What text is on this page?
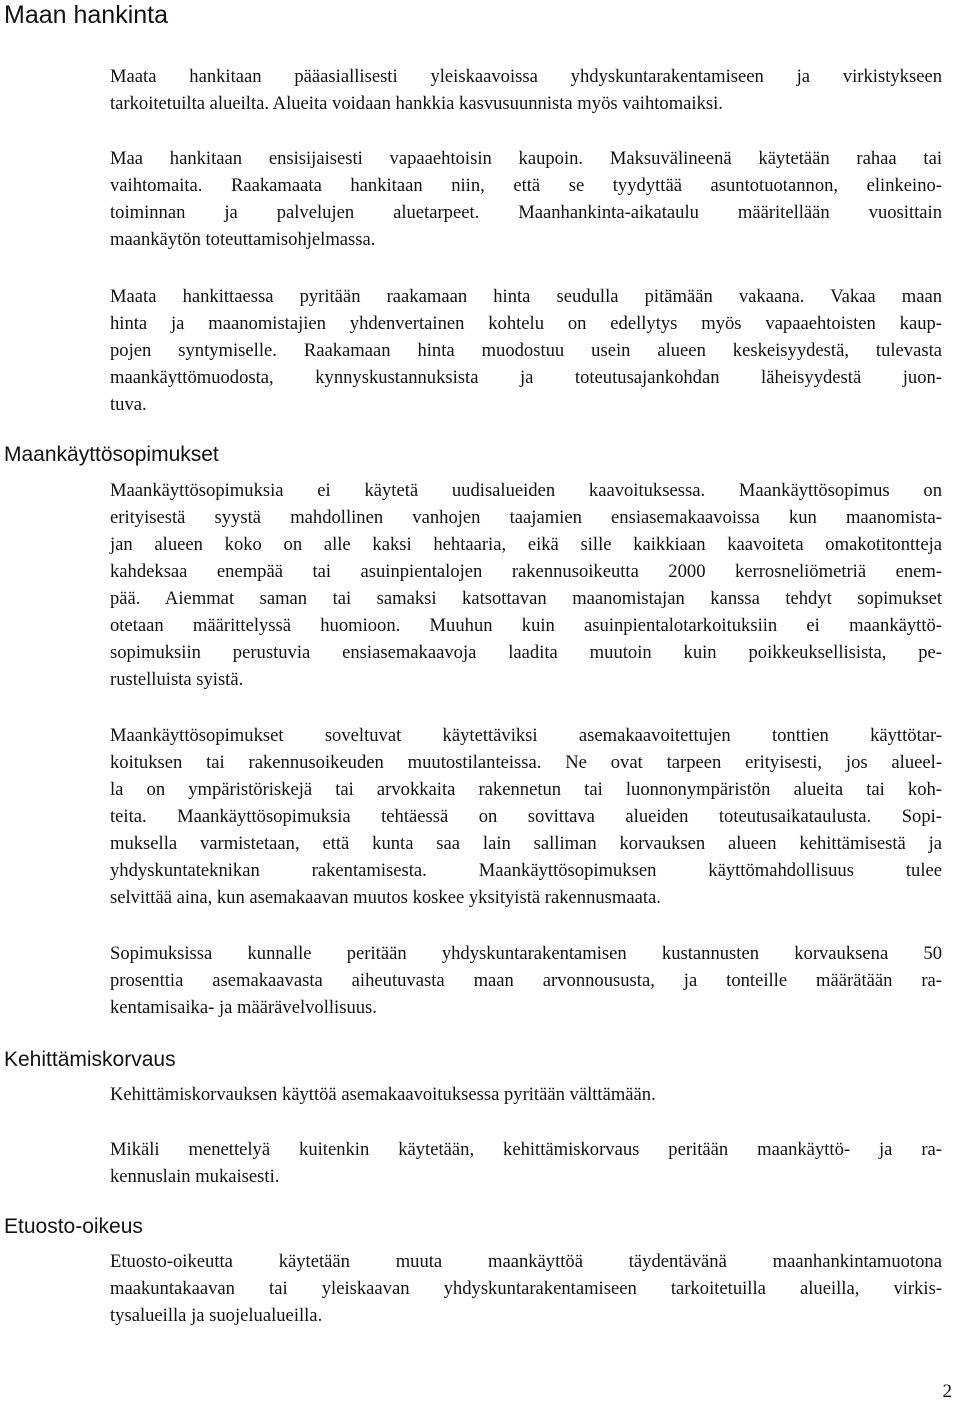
Maan hankinta

Maata hankitaan pääasiallisesti yleiskaavoissa yhdyskuntarakentamiseen ja virkistykseen
tarkoitetuilta alueilta. Alueita voidaan hankkia kasvusuunnista myös vaihtomaiksi.

Maa hankitaan ensisijaisesti vapaaehtoisin kaupoin. Maksuvälineenä käytetään rahaa tai
vaihtomaita. Raakamaata hankitaan niin, että se tyydyttää asuntotuotannon, elinkeino-
toiminnan ja palvelujen aluetarpeet. Maanhankinta-aikataulu määritellään vuosittain
maankäytön toteuttamisohjelmassa.

Maata hankittaessa pyritään raakamaan hinta seudulla pitämään vakaana. Vakaa maan
hinta ja maanomistajien yhdenvertainen kohtelu on edellytys myös vapaaehtoisten kaup-
pojen syntymiselle. Raakamaan hinta muodostuu usein alueen keskeisyydestä, tulevasta
maankäyttömuodosta, kynnyskustannuksista ja toteutusajankohdan läheisyydestä juon-
tuva.

Maankäyttösopimukset

Maankäyttösopimuksia ei käytetä uudisalueiden kaavoituksessa. Maankäyttösopimus on
erityisestä syystä mahdollinen vanhojen taajamien ensiasemakaavoissa kun maanomista-
jan alueen koko on alle kaksi hehtaaria, eikä sille kaikkiaan kaavoiteta omakotitontteja
kahdeksaa enempää tai asuinpientalojen rakennusoikeutta 2000 kerrosneliömetriä enem-
pää. Aiemmat saman tai samaksi katsottavan maanomistajan kanssa tehdyt sopimukset
otetaan määrittelyssä huomioon. Muuhun kuin asuinpientalotarkoituksiin ei maankäyttö-
sopimuksiin perustuvia ensiasemakaavoja laadita muutoin kuin poikkeuksellisista, pe-
rustelluista syistä.

Maankäyttösopimukset soveltuvat käytettäviksi asemakaavoitettujen tonttien käyttötar-
koituksen tai rakennusoikeuden muutostilanteissa. Ne ovat tarpeen erityisesti, jos alueel-
la on ympäristöriskejä tai arvokkaita rakennetun tai luonnonympäristön alueita tai koh-
teita. Maankäyttösopimuksia tehtäessä on sovittava alueiden toteutusaikataulusta. Sopi-
muksella varmistetaan, että kunta saa lain salliman korvauksen alueen kehittämisestä ja
yhdyskuntateknikan rakentamisesta. Maankäyttösopimuksen käyttömahdollisuus tulee
selvittää aina, kun asemakaavan muutos koskee yksityistä rakennusmaata.

Sopimuksissa kunnalle peritään yhdyskuntarakentamisen kustannusten korvauksena 50
prosenttia asemakaavasta aiheutuvasta maan arvonnoususta, ja tonteille määrätään ra-
kentamisaika- ja määrävelvollisuus.

Kehittämiskorvaus

Kehittämiskorvauksen käyttöä asemakaavoituksessa pyritään välttämään.

Mikäli menettelyä kuitenkin käytetään, kehittämiskorvaus peritään maankäyttö- ja ra-
kennuslain mukaisesti.

Etuosto-oikeus

Etuosto-oikeutta käytetään muuta maankäyttöä täydentävänä maanhankintamuotona
maakuntakaavan tai yleiskaavan yhdyskuntarakentamiseen tarkoitetuilla alueilla, virkis-
tysalueilla ja suojelualueilla.

2
